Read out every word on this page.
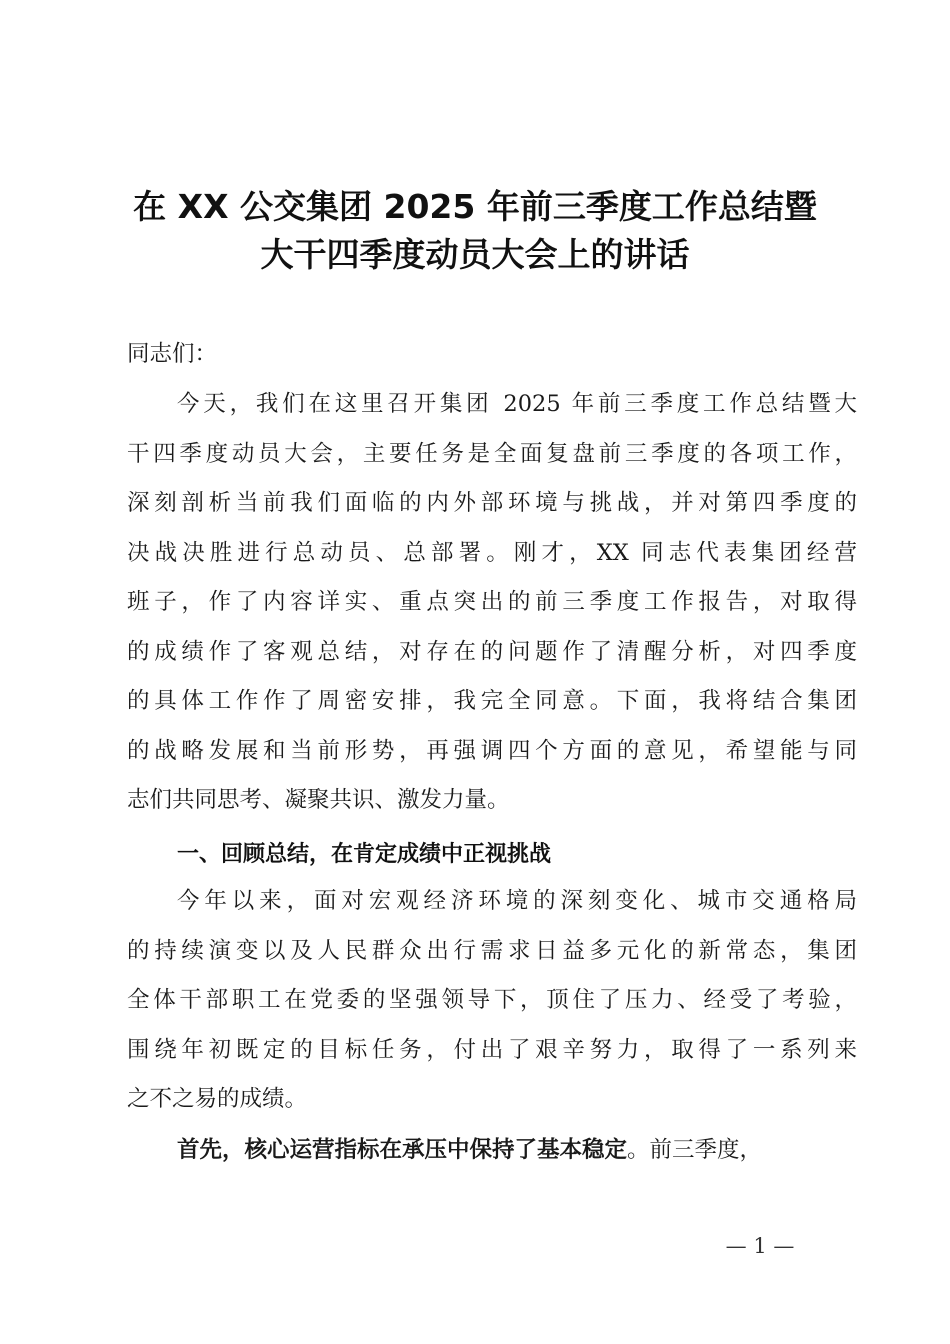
在 XX 公交集团 2025 年前三季度工作总结暨
大干四季度动员大会上的讲话
同志们：
今天，我们在这里召开集团 2025 年前三季度工作总结暨大
干四季度动员大会，主要任务是全面复盘前三季度的各项工作，
深刻剖析当前我们面临的内外部环境与挑战，并对第四季度的
决战决胜进行总动员、总部署。刚才，XX 同志代表集团经营
班子，作了内容详实、重点突出的前三季度工作报告，对取得
的成绩作了客观总结，对存在的问题作了清醒分析，对四季度
的具体工作作了周密安排，我完全同意。下面，我将结合集团
的战略发展和当前形势，再强调四个方面的意见，希望能与同
志们共同思考、凝聚共识、激发力量。
一、回顾总结，在肯定成绩中正视挑战
今年以来，面对宏观经济环境的深刻变化、城市交通格局
的持续演变以及人民群众出行需求日益多元化的新常态，集团
全体干部职工在党委的坚强领导下，顶住了压力、经受了考验，
围绕年初既定的目标任务，付出了艰辛努力，取得了一系列来
之不之易的成绩。
首先，核心运营指标在承压中保持了基本稳定。前三季度，
— 1 —
